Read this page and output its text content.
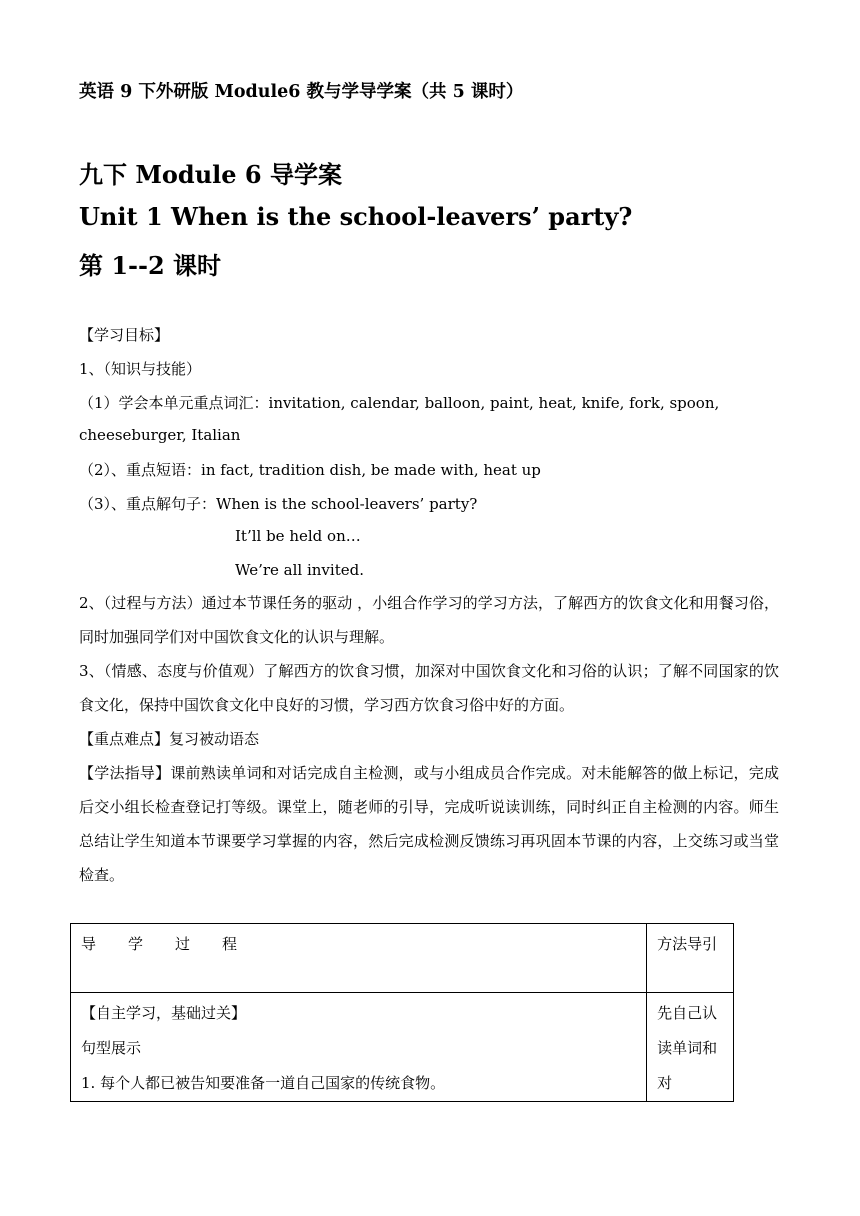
英语 9 下外研版 Module6 教与学导学案（共 5 课时）
九下 Module 6 导学案
Unit 1 When is the school-leavers’ party?
第 1--2 课时
【学习目标】
1、（知识与技能）
（1）学会本单元重点词汇：invitation, calendar, balloon, paint, heat, knife, fork, spoon,
cheeseburger, Italian
（2）、重点短语：in fact, tradition dish, be made with, heat up
（3）、重点解句子：When is the school-leavers’ party?
It’ll be held on…
We’re all invited.
2、（过程与方法）通过本节课任务的驱动 ，小组合作学习的学习方法，了解西方的饮食文化和用餐习俗，同时加强同学们对中国饮食文化的认识与理解。
3、（情感、态度与价值观）了解西方的饮食习惯，加深对中国饮食文化和习俗的认识；了解不同国家的饮食文化，保持中国饮食文化中良好的习惯，学习西方饮食习俗中好的方面。
【重点难点】复习被动语态
【学法指导】课前熟读单词和对话完成自主检测，或与小组成员合作完成。对未能解答的做上标记，完成后交小组长检查登记打等级。课堂上，随老师的引导，完成听说读训练，同时纠正自主检测的内容。师生总结让学生知道本节课要学习掌握的内容，然后完成检测反馈练习再巩固本节课的内容，上交练习或当堂检查。
导学过程	方法导引

【自主学习，基础过关】
句型展示
1. 每个人都已被告知要准备一道自己国家的传统食物。	先自己认读单词和对
